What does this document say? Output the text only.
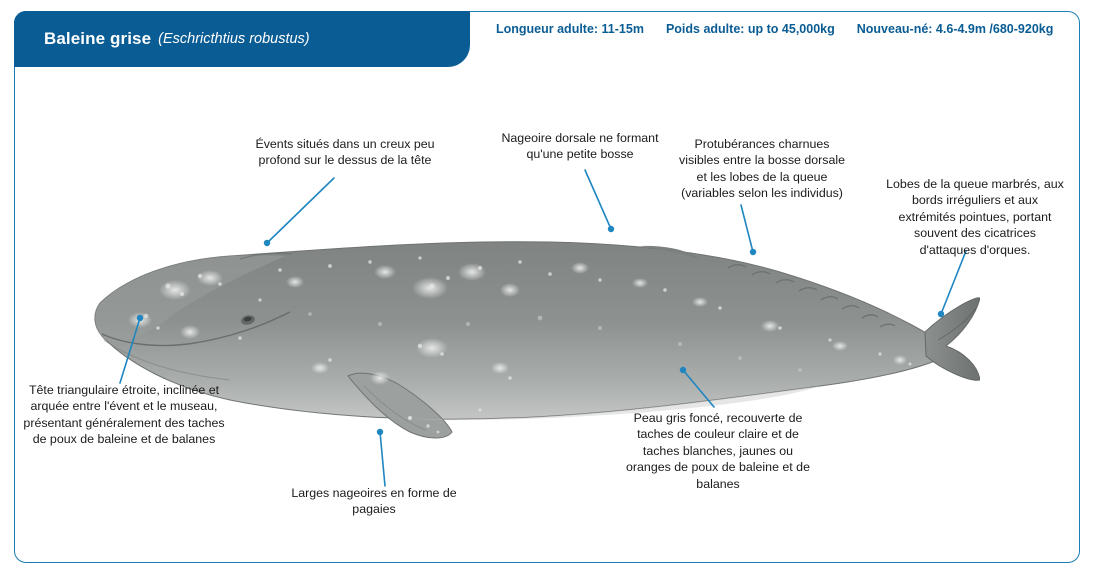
Baleine grise (Eschricthtius robustus)
Longueur adulte: 11-15m Poids adulte: up to 45,000kg Nouveau-né: 4.6-4.9m /680-920kg
Évents situés dans un creux peu profond sur le dessus de la tête
Nageoire dorsale ne formant qu'une petite bosse
Protubérances charnues visibles entre la bosse dorsale et les lobes de la queue (variables selon les individus)
Lobes de la queue marbrés, aux bords irréguliers et aux extrémités pointues, portant souvent des cicatrices d'attaques d'orques.
Tête triangulaire étroite, inclinée et arquée entre l'évent et le museau, présentant généralement des taches de poux de baleine et de balanes
Larges nageoires en forme de pagaies
Peau gris foncé, recouverte de taches de couleur claire et de taches blanches, jaunes ou oranges de poux de baleine et de balanes
